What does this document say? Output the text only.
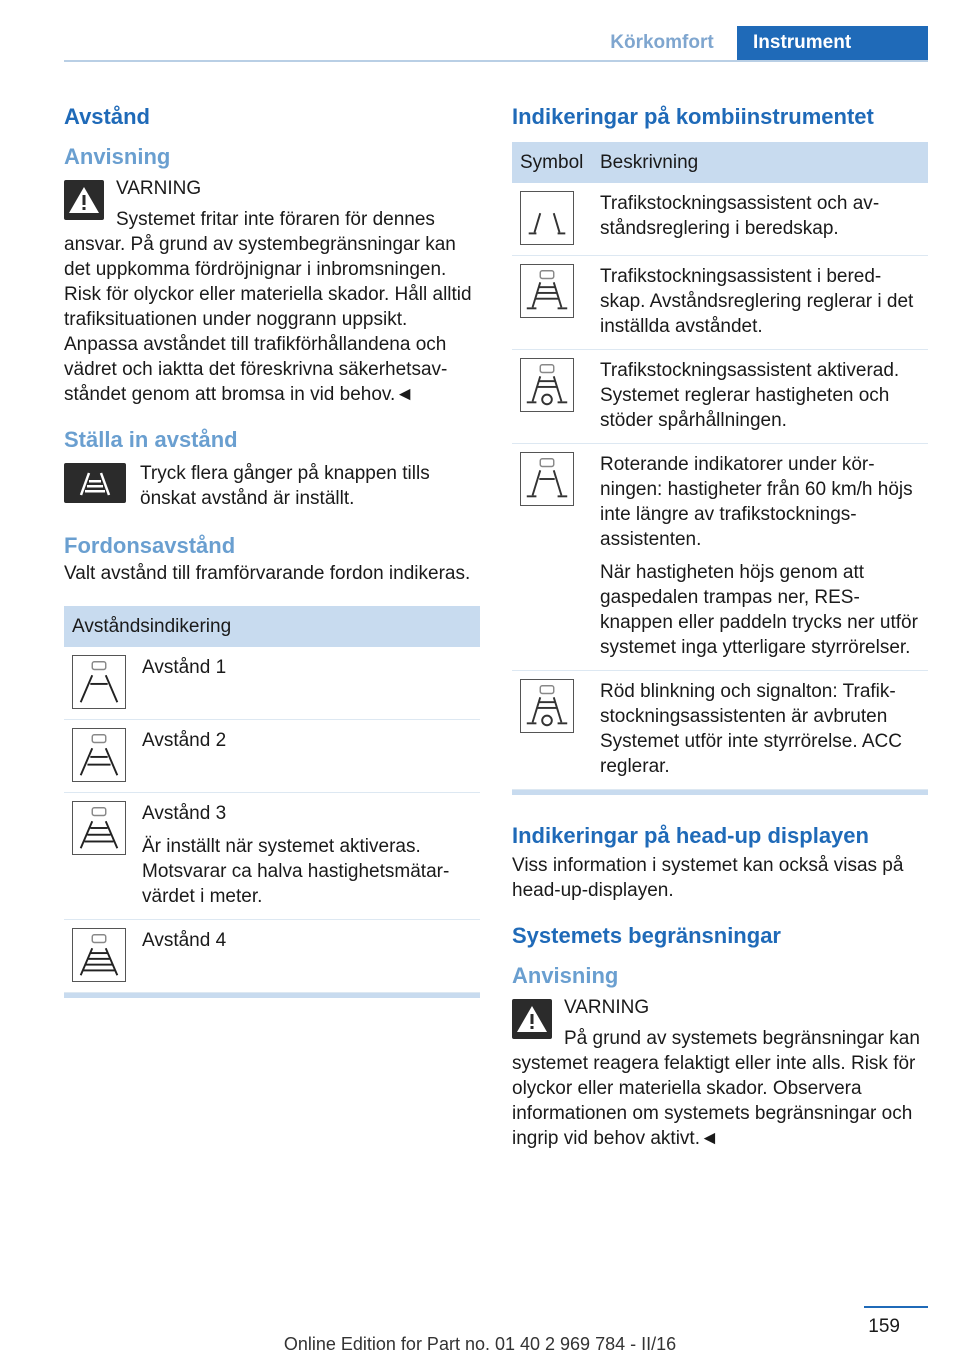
Körkomfort	Instrument
Avstånd
Anvisning

VARNING

Systemet fritar inte föraren för dennes ansvar. På grund av systembegränsningar kan det uppkomma fördröjnignar i inbromsningen. Risk för olyckor eller materiella skador. Håll alltid trafiksituationen under noggrann uppsikt. Anpassa avståndet till trafikförhållandena och vädret och iaktta det föreskrivna säkerhetsavståndet genom att bromsa in vid behov.◄

Ställa in avstånd

Tryck flera gånger på knappen tills önskat avstånd är inställt.

Fordonsavstånd

Valt avstånd till framförvarande fordon indikeras.

Avståndsindikering	

	Avstånd 1

	Avstånd 2

Avstånd 3
Är inställt när systemet aktiveras. Motsvarar ca halva hastighetsmätarvärdet i meter.

	Avstånd 4
Indikeringar på kombiinstrumentet
Symbol	Beskrivning

	Trafikstockningsassistent och avståndsreglering i beredskap.

	Trafikstockningsassistent i beredskap. Avståndsreglering reglerar i det inställda avståndet.

	Trafikstockningsassistent aktiverad. Systemet reglerar hastigheten och stöder spårhållningen.

Roterande indikatorer under körningen: hastigheter från 60 km/h höjs inte längre av trafikstockningsassistenten.
När hastigheten höjs genom att gaspedalen trampas ner, RES-knappen eller paddeln trycks ner utför systemet inga ytterligare styrrörelser.

	Röd blinkning och signalton: Trafikstockningsassistenten är avbruten Systemet utför inte styrrörelse. ACC reglerar.
Indikeringar på head-up displayen

Viss information i systemet kan också visas på head-up-displayen.

Systemets begränsningar
Anvisning

VARNING

På grund av systemets begränsningar kan systemet reagera felaktigt eller inte alls. Risk för olyckor eller materiella skador. Observera informationen om systemets begränsningar och ingrip vid behov aktivt.◄

159
Online Edition for Part no. 01 40 2 969 784 - II/16
